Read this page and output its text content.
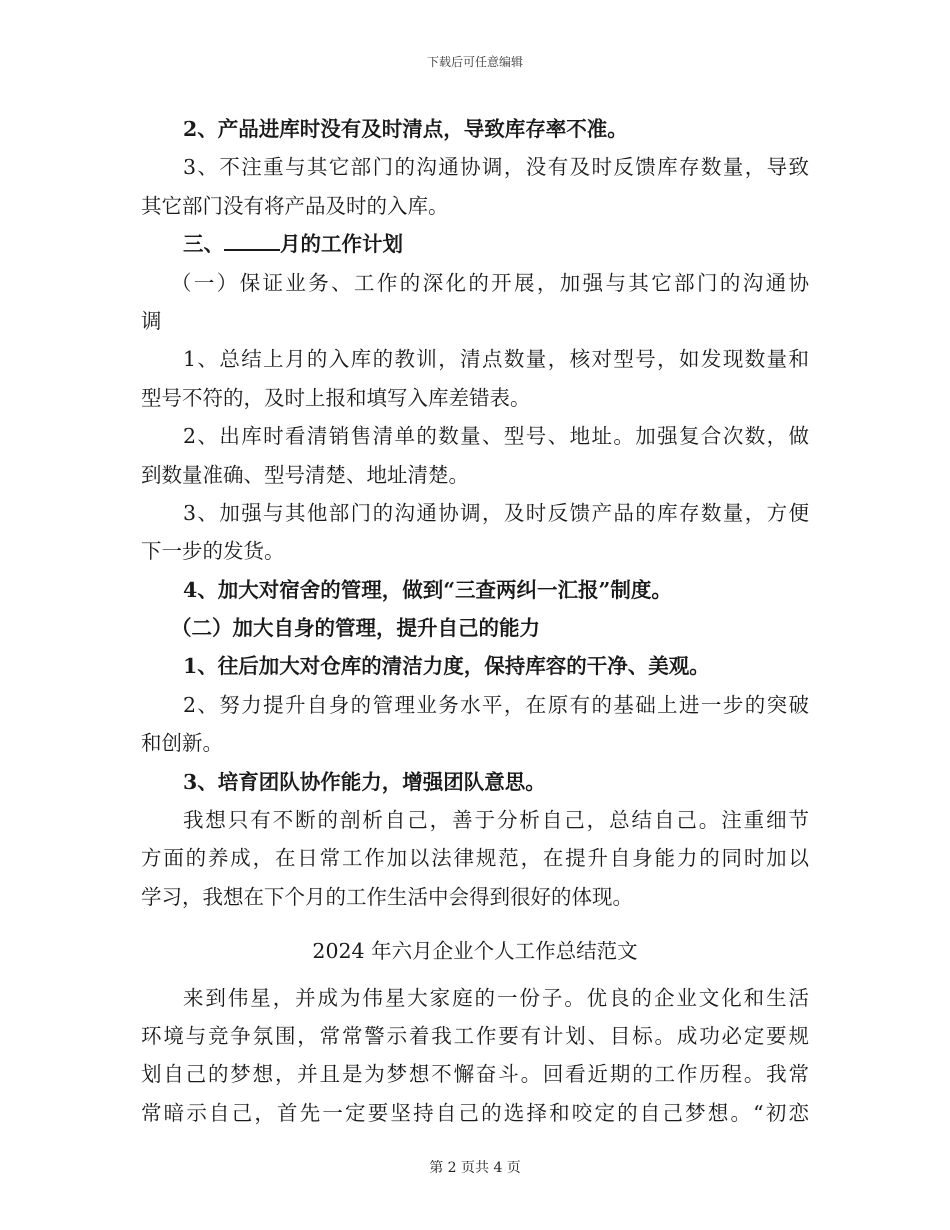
下载后可任意编辑
2、产品进库时没有及时清点，导致库存率不准。
3、不注重与其它部门的沟通协调，没有及时反馈库存数量，导致
其它部门没有将产品及时的入库。
三、	月的工作计划
（一）保证业务、工作的深化的开展，加强与其它部门的沟通协
调
1、总结上月的入库的教训，清点数量，核对型号，如发现数量和
型号不符的，及时上报和填写入库差错表。
2、出库时看清销售清单的数量、型号、地址。加强复合次数，做
到数量准确、型号清楚、地址清楚。
3、加强与其他部门的沟通协调，及时反馈产品的库存数量，方便
下一步的发货。
4、加大对宿舍的管理，做到“三查两纠一汇报”制度。
（二）加大自身的管理，提升自己的能力
1、往后加大对仓库的清洁力度，保持库容的干净、美观。
2、努力提升自身的管理业务水平，在原有的基础上进一步的突破
和创新。
3、培育团队协作能力，增强团队意思。
我想只有不断的剖析自己，善于分析自己，总结自己。注重细节
方面的养成，在日常工作加以法律规范，在提升自身能力的同时加以
学习，我想在下个月的工作生活中会得到很好的体现。
2024 年六月企业个人工作总结范文
来到伟星，并成为伟星大家庭的一份子。优良的企业文化和生活
环境与竞争氛围，常常警示着我工作要有计划、目标。成功必定要规
划自己的梦想，并且是为梦想不懈奋斗。回看近期的工作历程。我常
常暗示自己，首先一定要坚持自己的选择和咬定的自己梦想。“初恋
第 2 页共 4 页
